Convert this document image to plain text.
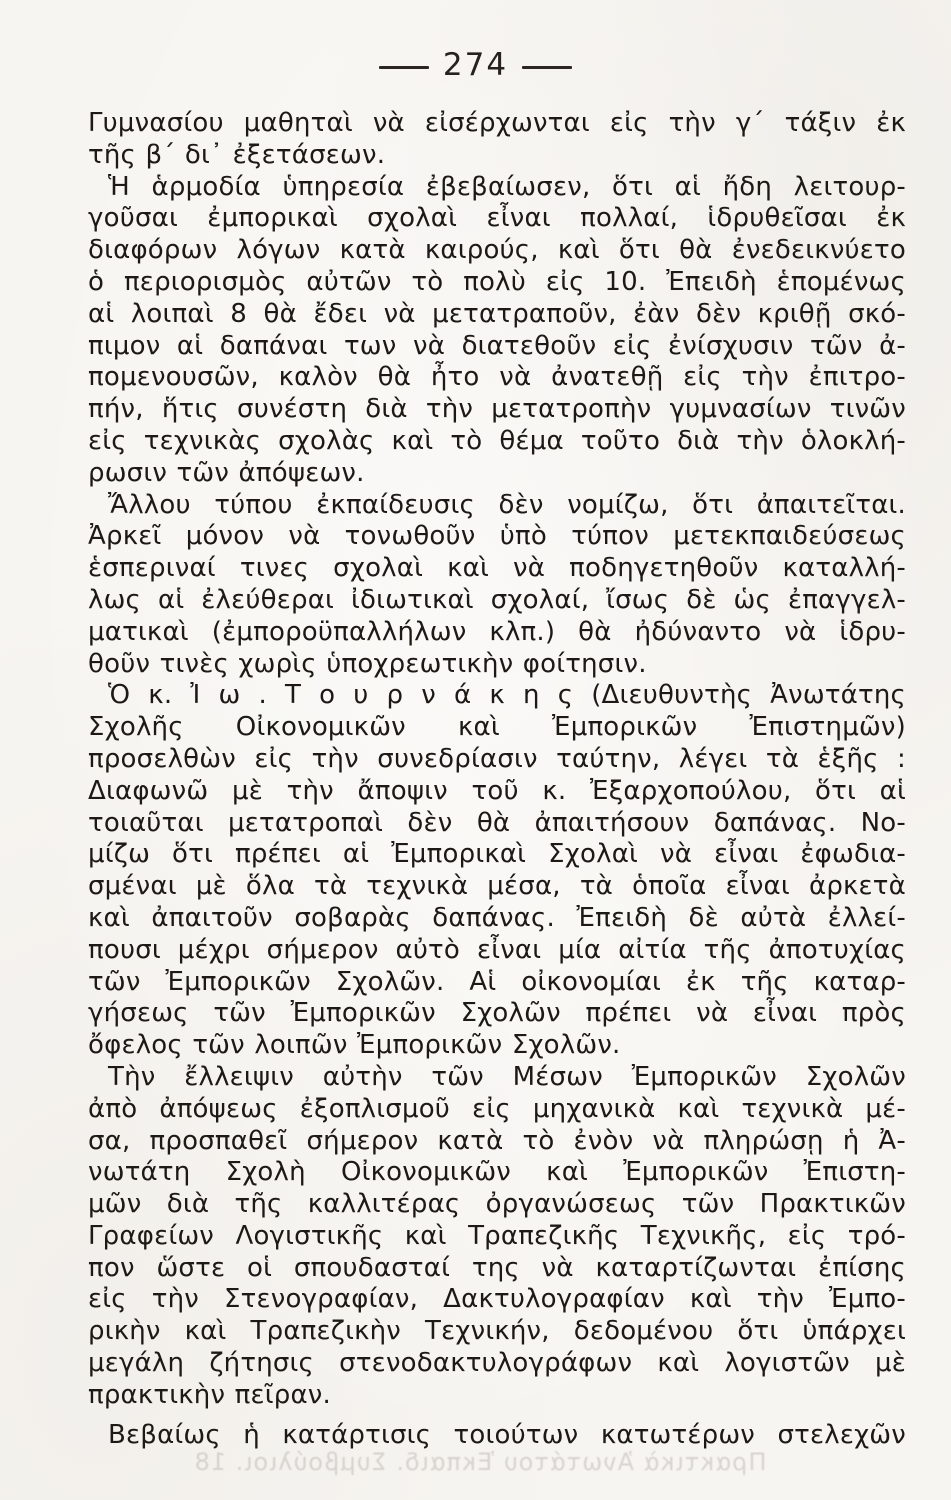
274
Γυμνασίου μαθηταὶ νὰ εἰσέρχωνται εἰς τὴν γ΄ τάξιν ἐκ
τῆς β΄ δι᾽ ἐξετάσεων.
Ἡ ἁρμοδία ὑπηρεσία ἐβεβαίωσεν, ὅτι αἱ ἤδη λειτουρ-
γοῦσαι ἐμπορικαὶ σχολαὶ εἶναι πολλαί, ἱδρυθεῖσαι ἐκ
διαφόρων λόγων κατὰ καιρούς, καὶ ὅτι θὰ ἐνεδεικνύετο
ὁ περιορισμὸς αὐτῶν τὸ πολὺ εἰς 10. Ἐπειδὴ ἑπομένως
αἱ λοιπαὶ 8 θὰ ἔδει νὰ μετατραποῦν, ἐὰν δὲν κριθῇ σκό-
πιμον αἱ δαπάναι των νὰ διατεθοῦν εἰς ἐνίσχυσιν τῶν ἀ-
πομενουσῶν, καλὸν θὰ ἦτο νὰ ἀνατεθῇ εἰς τὴν ἐπιτρο-
πήν, ἥτις συνέστη διὰ τὴν μετατροπὴν γυμνασίων τινῶν
εἰς τεχνικὰς σχολὰς καὶ τὸ θέμα τοῦτο διὰ τὴν ὁλοκλή-
ρωσιν τῶν ἀπόψεων.
Ἄλλου τύπου ἐκπαίδευσις δὲν νομίζω, ὅτι ἀπαιτεῖται.
Ἀρκεῖ μόνον νὰ τονωθοῦν ὑπὸ τύπον μετεκπαιδεύσεως
ἑσπεριναί τινες σχολαὶ καὶ νὰ ποδηγετηθοῦν καταλλή-
λως αἱ ἐλεύθεραι ἰδιωτικαὶ σχολαί, ἴσως δὲ ὡς ἐπαγγελ-
ματικαὶ (ἐμποροϋπαλλήλων κλπ.) θὰ ἠδύναντο νὰ ἱδρυ-
θοῦν τινὲς χωρὶς ὑποχρεωτικὴν φοίτησιν.
Ὁ κ. Ἰ ω . Τ ο υ ρ ν ά κ η ς (Διευθυντὴς Ἀνωτάτης
Σχολῆς Οἰκονομικῶν καὶ Ἐμπορικῶν Ἐπιστημῶν)
προσελθὼν εἰς τὴν συνεδρίασιν ταύτην, λέγει τὰ ἑξῆς :
Διαφωνῶ μὲ τὴν ἄποψιν τοῦ κ. Ἐξαρχοπούλου, ὅτι αἱ
τοιαῦται μετατροπαὶ δὲν θὰ ἀπαιτήσουν δαπάνας. Νο-
μίζω ὅτι πρέπει αἱ Ἐμπορικαὶ Σχολαὶ νὰ εἶναι ἐφωδια-
σμέναι μὲ ὅλα τὰ τεχνικὰ μέσα, τὰ ὁποῖα εἶναι ἀρκετὰ
καὶ ἀπαιτοῦν σοβαρὰς δαπάνας. Ἐπειδὴ δὲ αὐτὰ ἐλλεί-
πουσι μέχρι σήμερον αὐτὸ εἶναι μία αἰτία τῆς ἀποτυχίας
τῶν Ἐμπορικῶν Σχολῶν. Αἱ οἰκονομίαι ἐκ τῆς καταρ-
γήσεως τῶν Ἐμπορικῶν Σχολῶν πρέπει νὰ εἶναι πρὸς
ὄφελος τῶν λοιπῶν Ἐμπορικῶν Σχολῶν.
Τὴν ἔλλειψιν αὐτὴν τῶν Μέσων Ἐμπορικῶν Σχολῶν
ἀπὸ ἀπόψεως ἐξοπλισμοῦ εἰς μηχανικὰ καὶ τεχνικὰ μέ-
σα, προσπαθεῖ σήμερον κατὰ τὸ ἐνὸν νὰ πληρώσῃ ἡ Ἀ-
νωτάτη Σχολὴ Οἰκονομικῶν καὶ Ἐμπορικῶν Ἐπιστη-
μῶν διὰ τῆς καλλιτέρας ὀργανώσεως τῶν Πρακτικῶν
Γραφείων Λογιστικῆς καὶ Τραπεζικῆς Τεχνικῆς, εἰς τρό-
πον ὥστε οἱ σπουδασταί της νὰ καταρτίζωνται ἐπίσης
εἰς τὴν Στενογραφίαν, Δακτυλογραφίαν καὶ τὴν Ἐμπο-
ρικὴν καὶ Τραπεζικὴν Τεχνικήν, δεδομένου ὅτι ὑπάρχει
μεγάλη ζήτησις στενοδακτυλογράφων καὶ λογιστῶν μὲ
πρακτικὴν πεῖραν.
Βεβαίως ἡ κατάρτισις τοιούτων κατωτέρων στελεχῶν
Πρακτικὰ Ἀνωτάτου Ἐκπαιδ. Συμβούλιοι. 18
